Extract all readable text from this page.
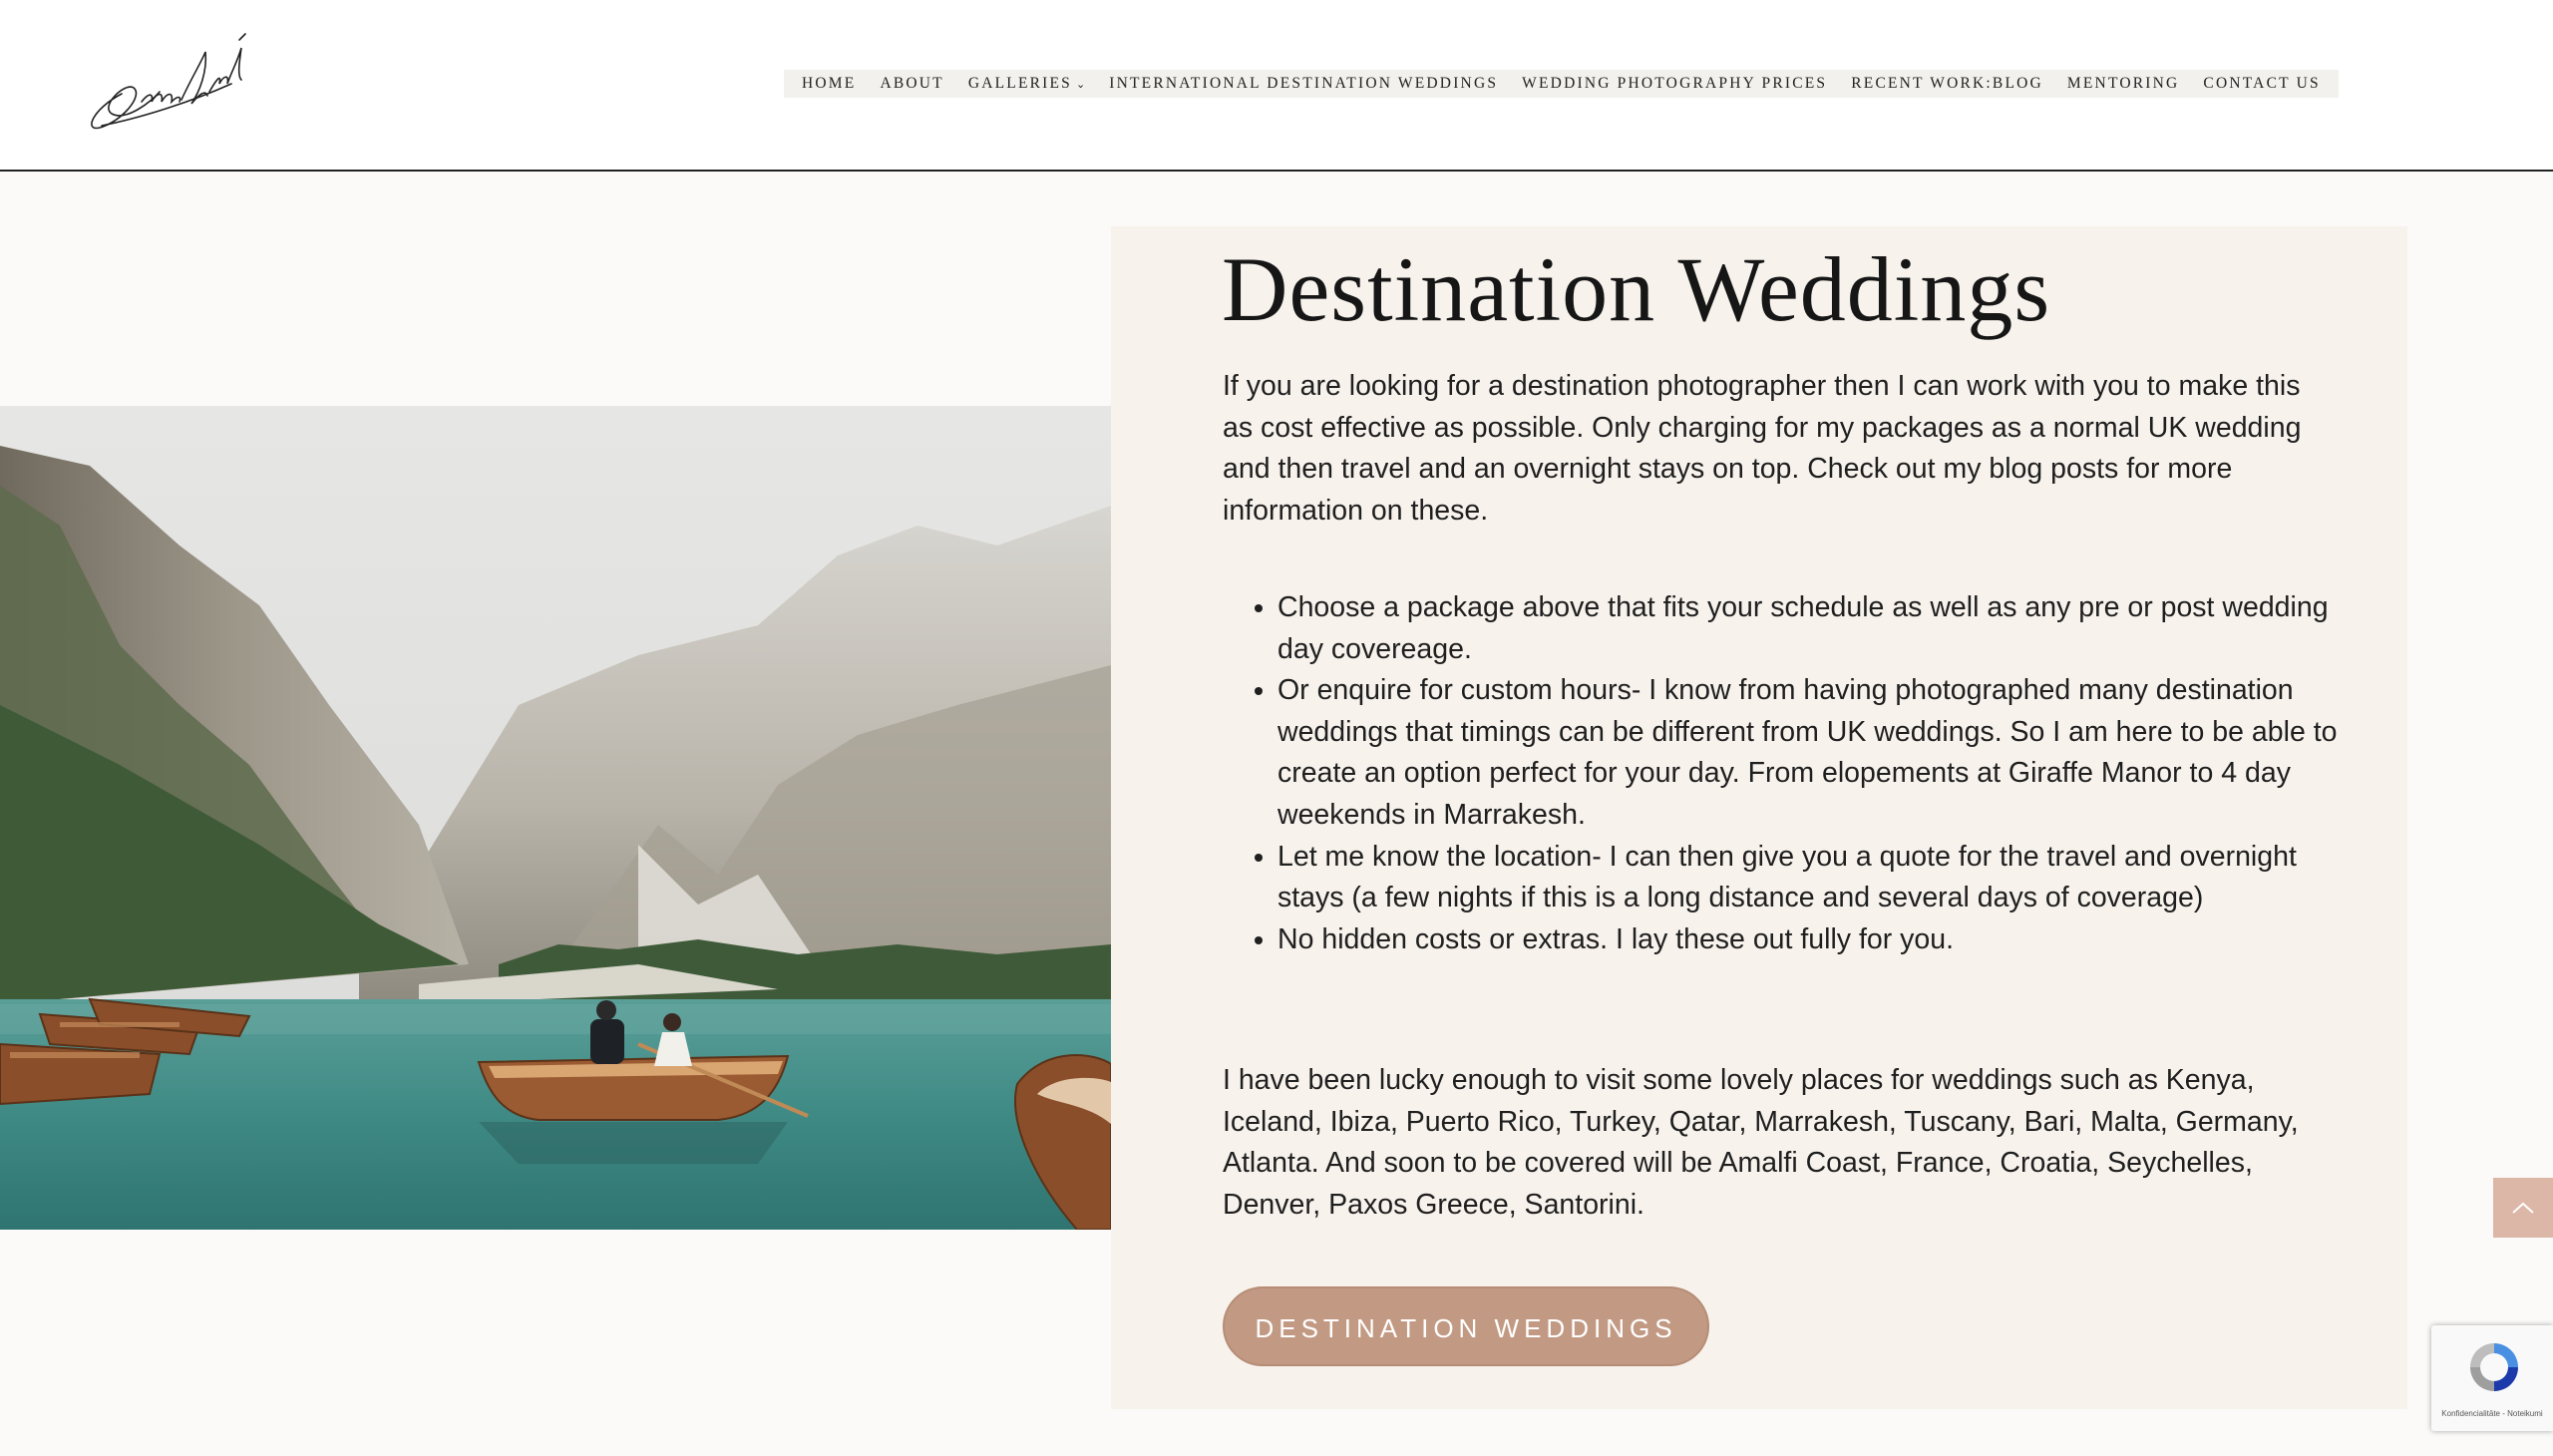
HOME ABOUT GALLERIES ⌄ INTERNATIONAL DESTINATION WEDDINGS WEDDING PHOTOGRAPHY PRICES RECENT WORK:BLOG MENTORING CONTACT US
Destination Weddings

If you are looking for a destination photographer then I can work with you to make this as cost effective as possible. Only charging for my packages as a normal UK wedding and then travel and an overnight stays on top. Check out my blog posts for more information on these.

• Choose a package above that fits your schedule as well as any pre or post wedding day covereage.
• Or enquire for custom hours- I know from having photographed many destination weddings that timings can be different from UK weddings. So I am here to be able to create an option perfect for your day. From elopements at Giraffe Manor to 4 day weekends in Marrakesh.
• Let me know the location- I can then give you a quote for the travel and overnight stays (a few nights if this is a long distance and several days of coverage)
• No hidden costs or extras. I lay these out fully for you.

I have been lucky enough to visit some lovely places for weddings such as Kenya, Iceland, Ibiza, Puerto Rico, Turkey, Qatar, Marrakesh, Tuscany, Bari, Malta, Germany, Atlanta. And soon to be covered will be Amalfi Coast, France, Croatia, Seychelles, Denver, Paxos Greece, Santorini.

DESTINATION WEDDINGS
Konfidencialitāte - Noteikumi
